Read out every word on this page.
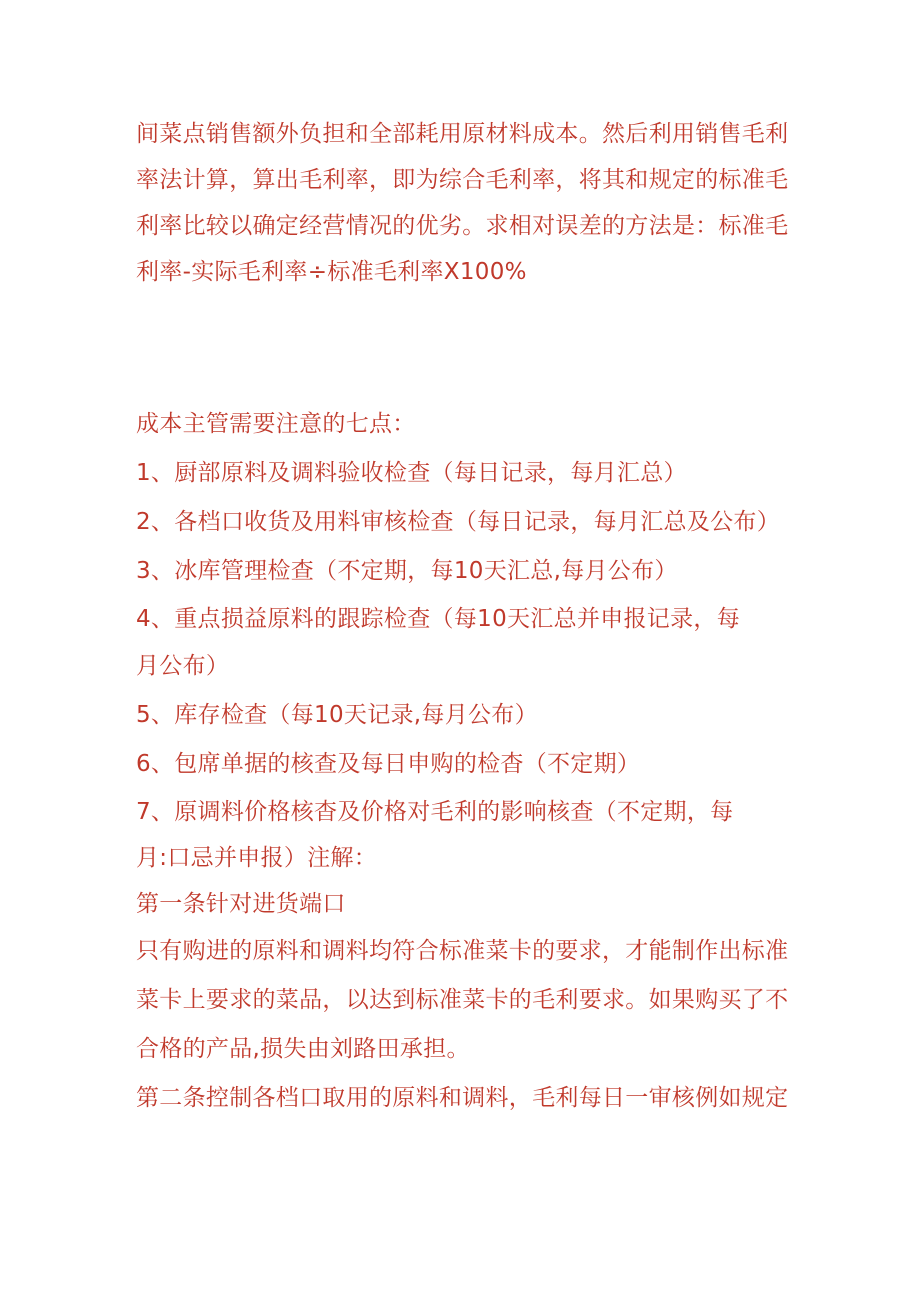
间菜点销售额外负担和全部耗用原材料成本。然后利用销售毛利
率法计算，算出毛利率，即为综合毛利率，将其和规定的标准毛
利率比较以确定经营情况的优劣。求相对误差的方法是：标准毛
利率-实际毛利率÷标准毛利率X100%
成本主管需要注意的七点：
1、厨部原料及调料验收检查（每日记录，每月汇总）
2、各档口收货及用料审核检查（每日记录，每月汇总及公布）
3、冰库管理检查（不定期，每10天汇总,每月公布）
4、重点损益原料的跟踪检查（每10天汇总并申报记录，每
月公布）
5、库存检查（每10天记录,每月公布）
6、包席单据的核查及每日申购的检杳（不定期）
7、原调料价格核杳及价格对毛利的影响核查（不定期，每
月:口忌并申报）注解：
第一条针对进货端口
只有购进的原料和调料均符合标准菜卡的要求，才能制作出标准
菜卡上要求的菜品，以达到标准菜卡的毛利要求。如果购买了不
合格的产品,损失由刘路田承担。
第二条控制各档口取用的原料和调料，毛利每日一审核例如规定
